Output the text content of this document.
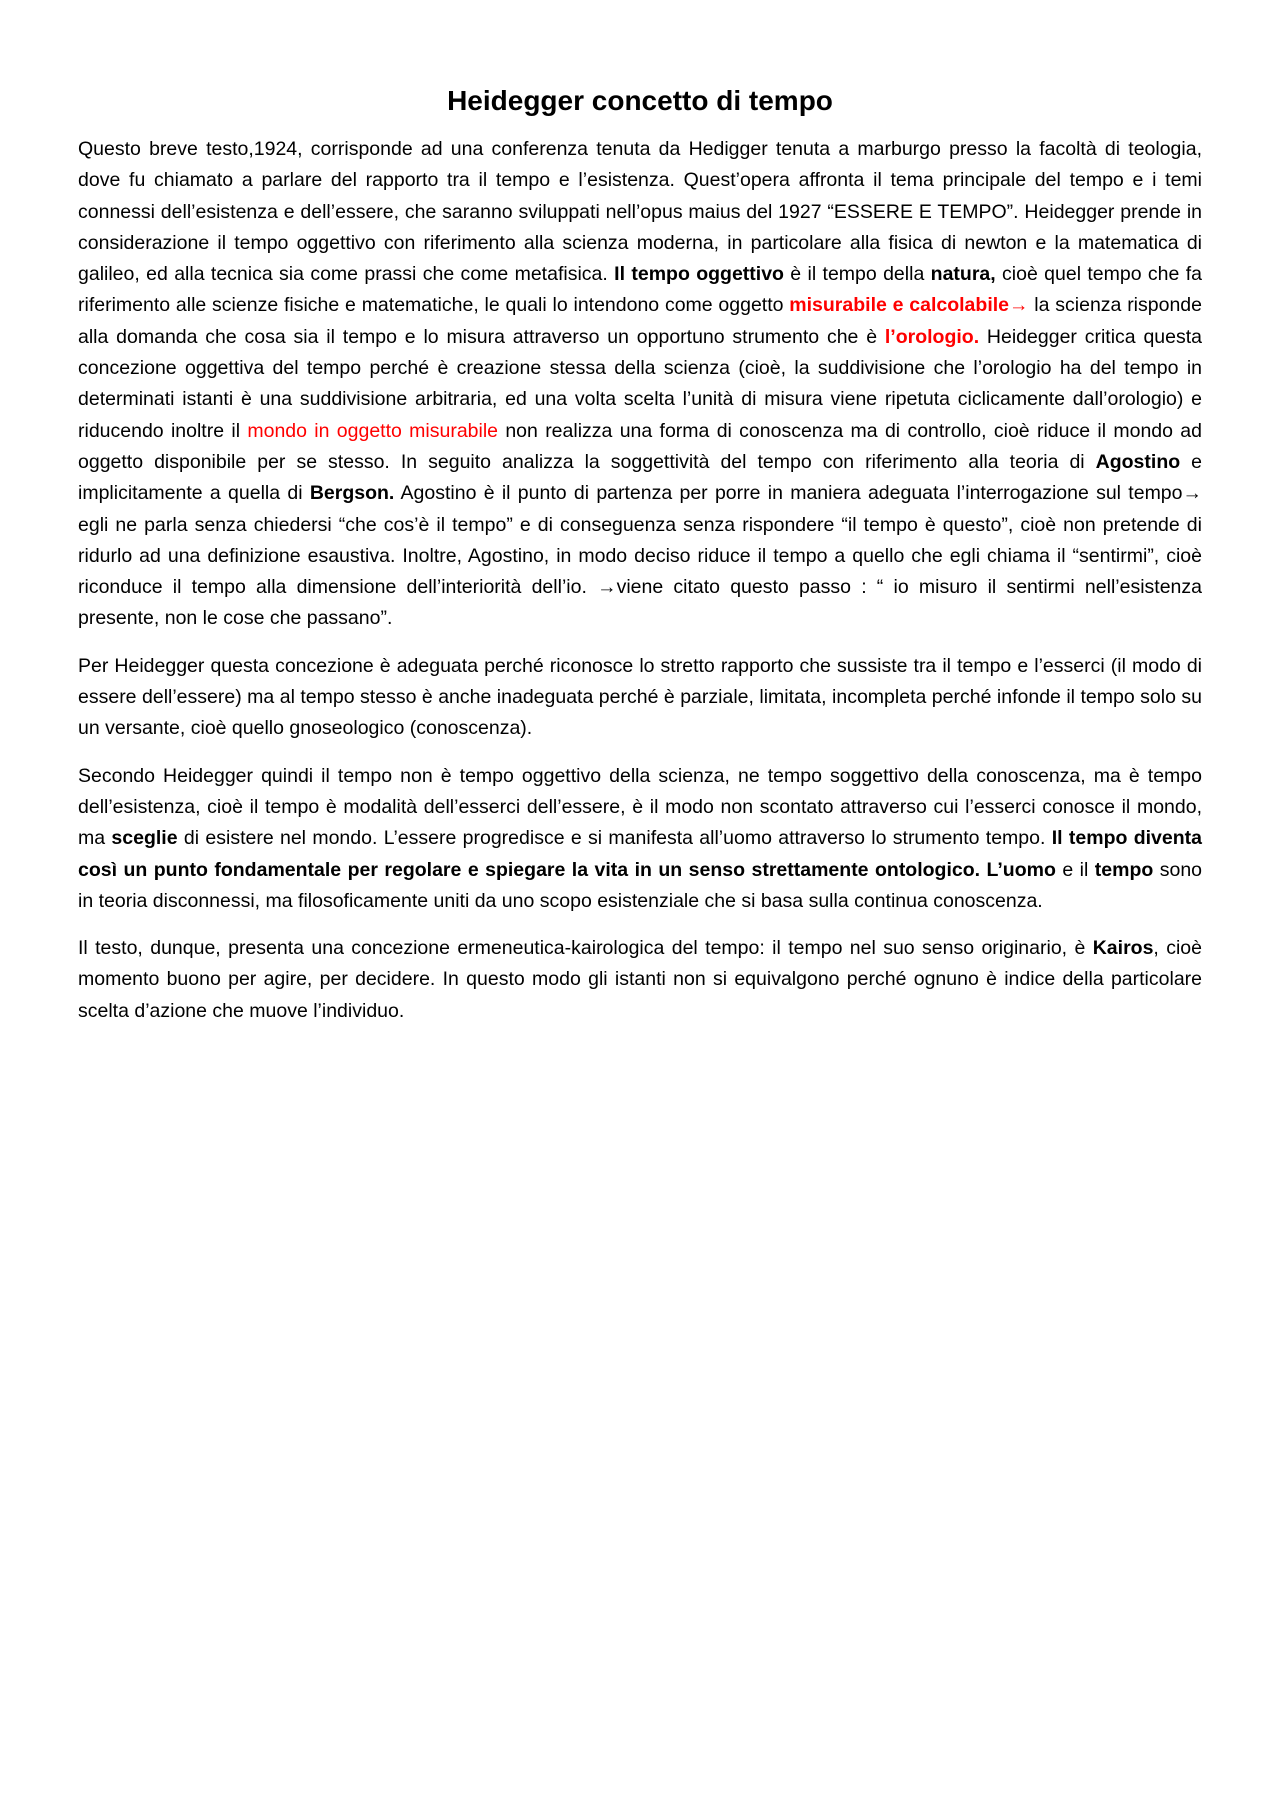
Heidegger concetto di tempo
Questo breve testo,1924, corrisponde ad una conferenza tenuta da Hedigger tenuta a marburgo presso la facoltà di teologia, dove fu chiamato a parlare del rapporto tra il tempo e l’esistenza. Quest’opera affronta il tema principale del tempo e i temi connessi dell’esistenza e dell’essere, che saranno sviluppati nell’opus maius del 1927 “ESSERE E TEMPO”. Heidegger prende in considerazione il tempo oggettivo con riferimento alla scienza moderna, in particolare alla fisica di newton e la matematica di galileo, ed alla tecnica sia come prassi che come metafisica. Il tempo oggettivo è il tempo della natura, cioè quel tempo che fa riferimento alle scienze fisiche e matematiche, le quali lo intendono come oggetto misurabile e calcolabile→ la scienza risponde alla domanda che cosa sia il tempo e lo misura attraverso un opportuno strumento che è l’orologio. Heidegger critica questa concezione oggettiva del tempo perché è creazione stessa della scienza (cioè, la suddivisione che l’orologio ha del tempo in determinati istanti è una suddivisione arbitraria, ed una volta scelta l’unità di misura viene ripetuta ciclicamente dall’orologio) e riducendo inoltre il mondo in oggetto misurabile non realizza una forma di conoscenza ma di controllo, cioè riduce il mondo ad oggetto disponibile per se stesso. In seguito analizza la soggettività del tempo con riferimento alla teoria di Agostino e implicitamente a quella di Bergson. Agostino è il punto di partenza per porre in maniera adeguata l’interrogazione sul tempo→ egli ne parla senza chiedersi “che cos’è il tempo” e di conseguenza senza rispondere “il tempo è questo”, cioè non pretende di ridurlo ad una definizione esaustiva. Inoltre, Agostino, in modo deciso riduce il tempo a quello che egli chiama il “sentirmi”, cioè riconduce il tempo alla dimensione dell’interiorità dell’io. →viene citato questo passo : “ io misuro il sentirmi nell’esistenza presente, non le cose che passano”.
Per Heidegger questa concezione è adeguata perché riconosce lo stretto rapporto che sussiste tra il tempo e l’esserci (il modo di essere dell’essere) ma al tempo stesso è anche inadeguata perché è parziale, limitata, incompleta perché infonde il tempo solo su un versante, cioè quello gnoseologico (conoscenza).
Secondo Heidegger quindi il tempo non è tempo oggettivo della scienza, ne tempo soggettivo della conoscenza, ma è tempo dell’esistenza, cioè il tempo è modalità dell’esserci dell’essere, è il modo non scontato attraverso cui l’esserci conosce il mondo, ma sceglie di esistere nel mondo. L’essere progredisce e si manifesta all’uomo attraverso lo strumento tempo. Il tempo diventa così un punto fondamentale per regolare e spiegare la vita in un senso strettamente ontologico. L’uomo e il tempo sono in teoria disconnessi, ma filosoficamente uniti da uno scopo esistenziale che si basa sulla continua conoscenza.
Il testo, dunque, presenta una concezione ermeneutica-kairologica del tempo: il tempo nel suo senso originario, è Kairos, cioè momento buono per agire, per decidere. In questo modo gli istanti non si equivalgono perché ognuno è indice della particolare scelta d’azione che muove l’individuo.
